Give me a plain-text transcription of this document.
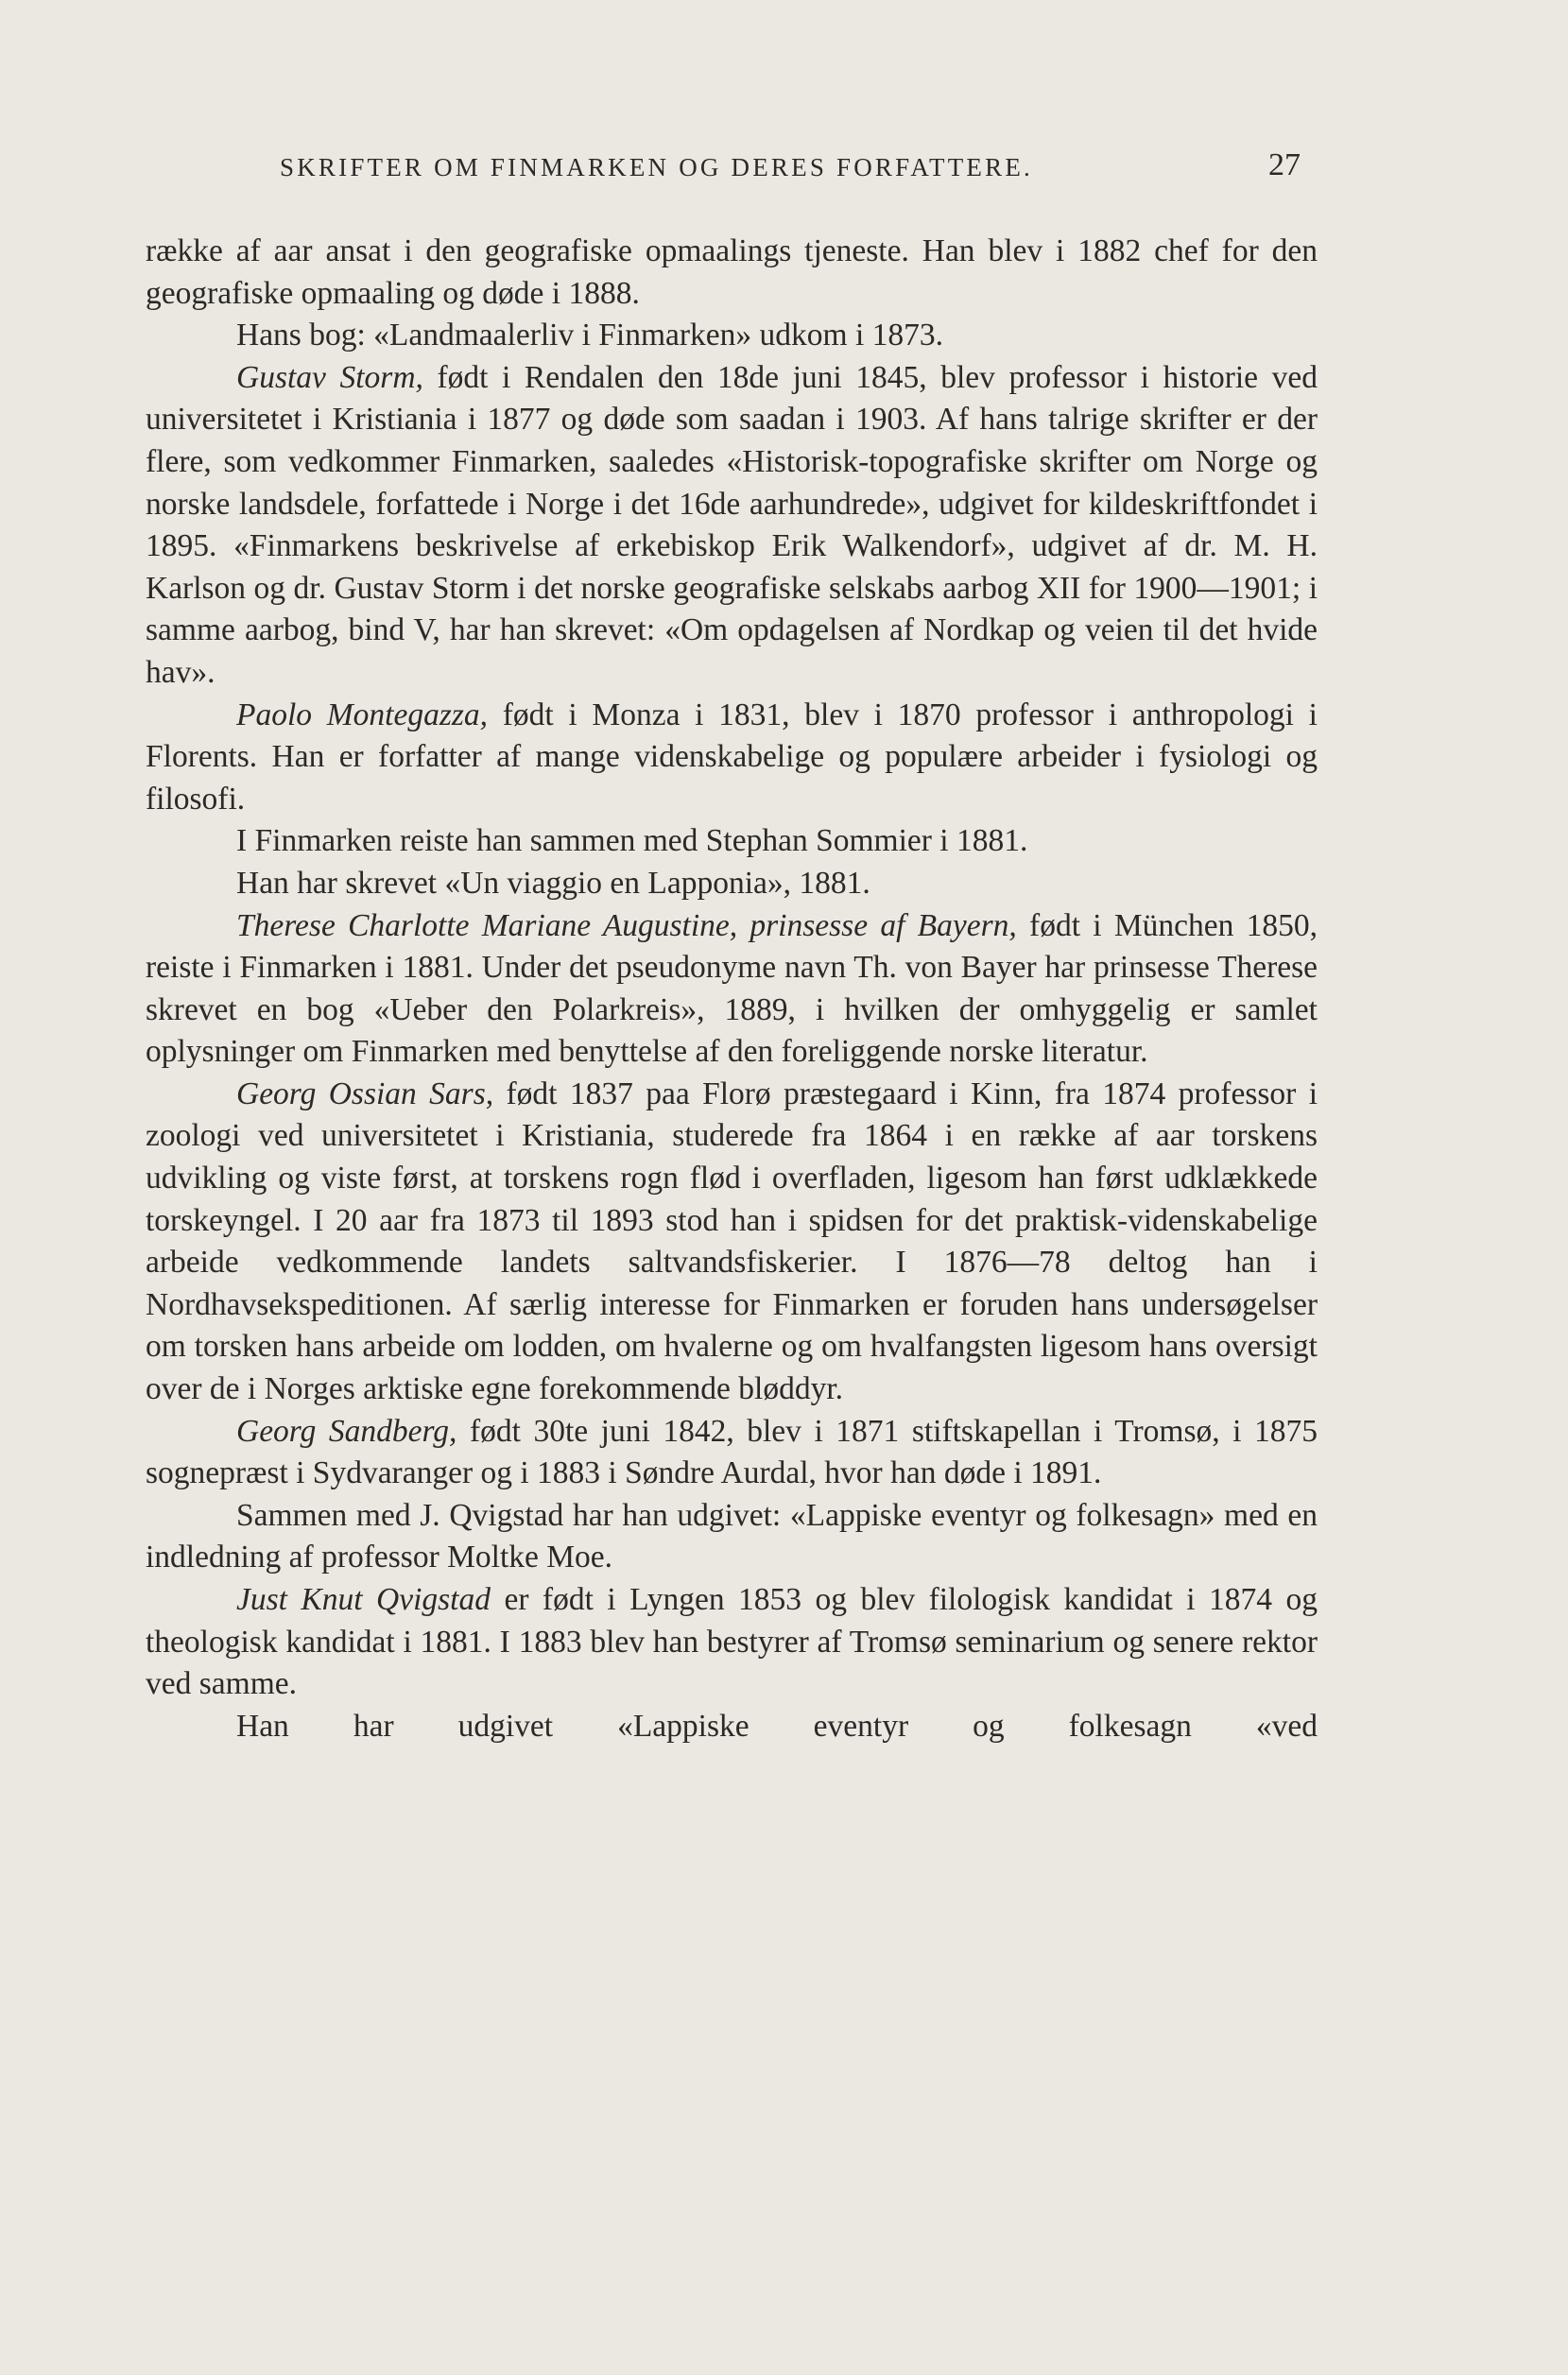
SKRIFTER OM FINMARKEN OG DERES FORFATTERE.	27

række af aar ansat i den geografiske opmaalings tjeneste. Han blev i 1882 chef for den geografiske opmaaling og døde i 1888.

Hans bog: «Landmaalerliv i Finmarken» udkom i 1873.

Gustav Storm, født i Rendalen den 18de juni 1845, blev professor i historie ved universitetet i Kristiania i 1877 og døde som saadan i 1903. Af hans talrige skrifter er der flere, som vedkommer Finmarken, saaledes «Historisk-topografiske skrifter om Norge og norske landsdele, forfattede i Norge i det 16de aarhundrede», udgivet for kildeskriftfondet i 1895. «Finmarkens beskrivelse af erkebiskop Erik Walkendorf», udgivet af dr. M. H. Karlson og dr. Gustav Storm i det norske geografiske selskabs aarbog XII for 1900—1901; i samme aarbog, bind V, har han skrevet: «Om opdagelsen af Nordkap og veien til det hvide hav».

Paolo Montegazza, født i Monza i 1831, blev i 1870 professor i anthropologi i Florents. Han er forfatter af mange videnskabelige og populære arbeider i fysiologi og filosofi.

I Finmarken reiste han sammen med Stephan Sommier i 1881.

Han har skrevet «Un viaggio en Lapponia», 1881.

Therese Charlotte Mariane Augustine, prinsesse af Bayern, født i München 1850, reiste i Finmarken i 1881. Under det pseudonyme navn Th. von Bayer har prinsesse Therese skrevet en bog «Ueber den Polarkreis», 1889, i hvilken der omhyggelig er samlet oplysninger om Finmarken med benyttelse af den foreliggende norske literatur.

Georg Ossian Sars, født 1837 paa Florø præstegaard i Kinn, fra 1874 professor i zoologi ved universitetet i Kristiania, studerede fra 1864 i en række af aar torskens udvikling og viste først, at torskens rogn flød i overfladen, ligesom han først udklækkede torskeyngel. I 20 aar fra 1873 til 1893 stod han i spidsen for det praktisk-videnskabelige arbeide vedkommende landets saltvandsfiskerier. I 1876—78 deltog han i Nordhavsekspeditionen. Af særlig interesse for Finmarken er foruden hans undersøgelser om torsken hans arbeide om lodden, om hvalerne og om hvalfangsten ligesom hans oversigt over de i Norges arktiske egne forekommende bløddyr.

Georg Sandberg, født 30te juni 1842, blev i 1871 stiftskapellan i Tromsø, i 1875 sognepræst i Sydvaranger og i 1883 i Søndre Aurdal, hvor han døde i 1891.

Sammen med J. Qvigstad har han udgivet: «Lappiske eventyr og folkesagn» med en indledning af professor Moltke Moe.

Just Knut Qvigstad er født i Lyngen 1853 og blev filologisk kandidat i 1874 og theologisk kandidat i 1881. I 1883 blev han bestyrer af Tromsø seminarium og senere rektor ved samme.

Han har udgivet «Lappiske eventyr og folkesagn «ved
